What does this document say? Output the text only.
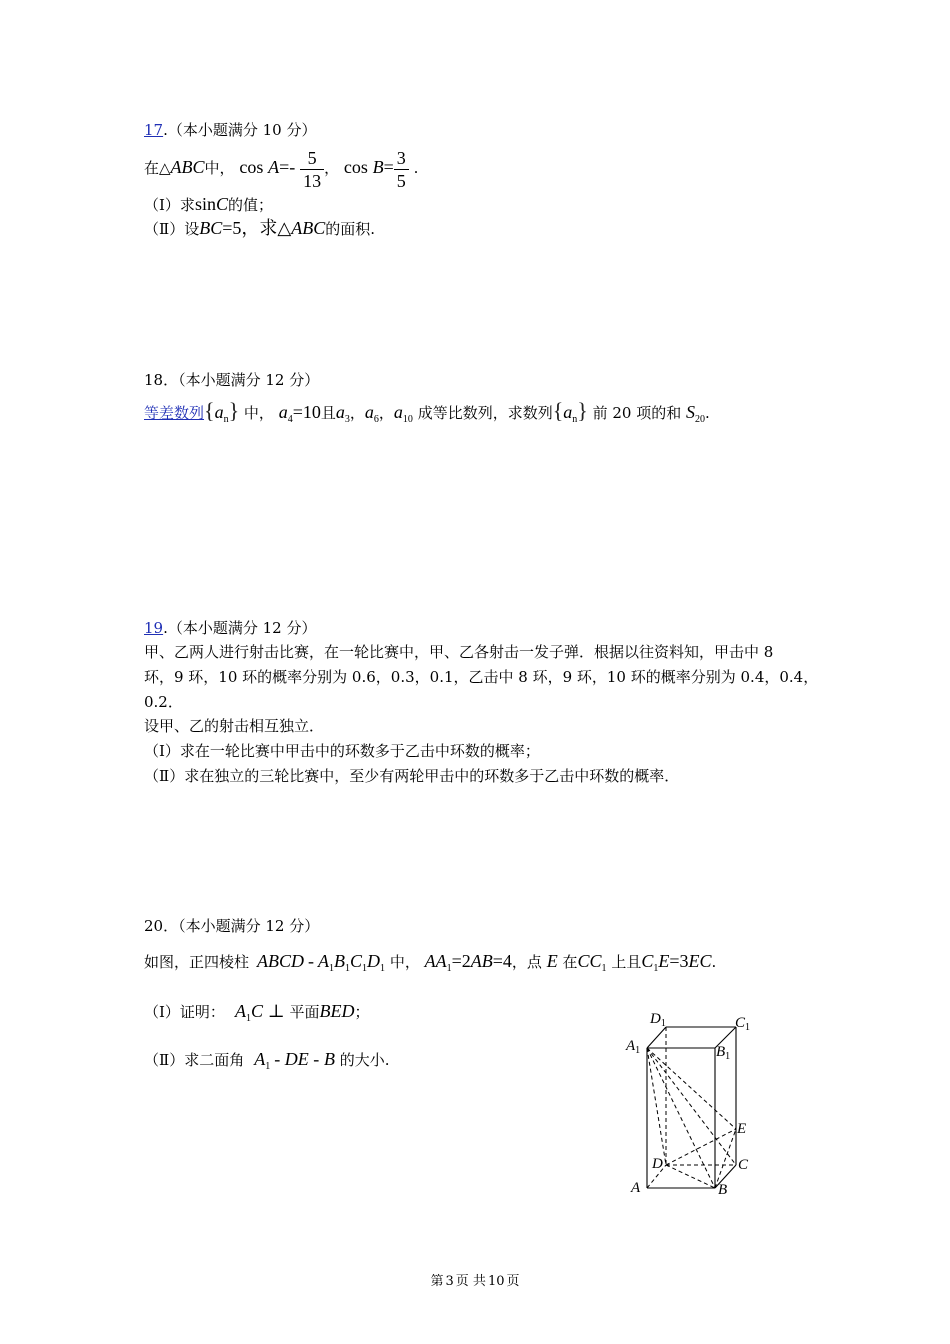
17.（本小题满分 10 分）
在△ABC中， $\cos A=- \frac{5}{13}$ ， $\cos B= \frac{3}{5}$ .
（Ⅰ）求sinC的值；
（Ⅱ）设BC=5，求△ABC的面积.
18．（本小题满分 12 分）
等差数列$\{a_n\}$ 中， $a_4=10$且$a_3$，$a_6$，$a_{10}$ 成等比数列，求数列$\{a_n\}$ 前 20 项的和 $S_{20}$.
19.（本小题满分 12 分）
甲、乙两人进行射击比赛，在一轮比赛中，甲、乙各射击一发子弹．根据以往资料知，甲击中 8
环，9 环，10 环的概率分别为 0.6，0.3，0.1，乙击中 8 环，9 环，10 环的概率分别为 0.4，0.4，
0.2．
设甲、乙的射击相互独立．
（Ⅰ）求在一轮比赛中甲击中的环数多于乙击中环数的概率；
（Ⅱ）求在独立的三轮比赛中，至少有两轮甲击中的环数多于乙击中环数的概率．
20．（本小题满分 12 分）
如图，正四棱柱 ABCD - $A_1B_1C_1D_1$ 中， $AA_1=2AB=4$，点 E 在$CC_1$ 上且$C_1E=3EC$.
（Ⅰ）证明： $A_1C$ ⊥ 平面BED；
（Ⅱ）求二面角 $A_1$ - DE - B 的大小.
$D_1$	$C_1$
$A_1$	$B_1$
E
D	C
A	B
第 3 页 共 10 页
